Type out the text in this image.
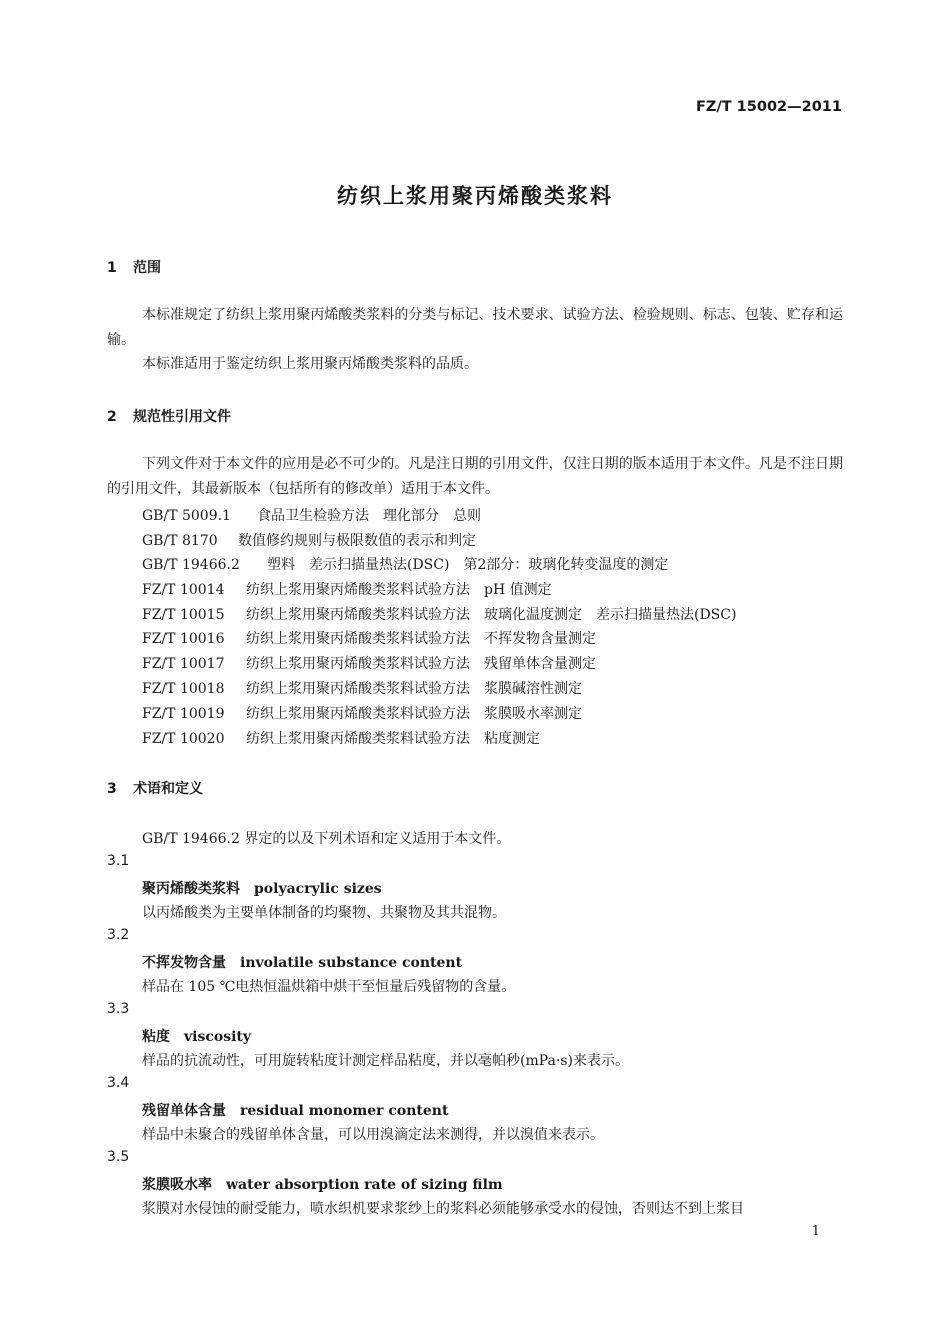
FZ/T 15002—2011
纺织上浆用聚丙烯酸类浆料
1 范围
本标准规定了纺织上浆用聚丙烯酸类浆料的分类与标记、技术要求、试验方法、检验规则、标志、包装、贮存和运输。
本标准适用于鉴定纺织上浆用聚丙烯酸类浆料的品质。
2 规范性引用文件
下列文件对于本文件的应用是必不可少的。凡是注日期的引用文件，仅注日期的版本适用于本文件。凡是不注日期的引用文件，其最新版本（包括所有的修改单）适用于本文件。
GB/T 5009.1 食品卫生检验方法　理化部分　总则
GB/T 8170 数值修约规则与极限数值的表示和判定
GB/T 19466.2 塑料　差示扫描量热法(DSC)　第2部分：玻璃化转变温度的测定
FZ/T 10014 纺织上浆用聚丙烯酸类浆料试验方法　pH 值测定
FZ/T 10015 纺织上浆用聚丙烯酸类浆料试验方法　玻璃化温度测定　差示扫描量热法(DSC)
FZ/T 10016 纺织上浆用聚丙烯酸类浆料试验方法　不挥发物含量测定
FZ/T 10017 纺织上浆用聚丙烯酸类浆料试验方法　残留单体含量测定
FZ/T 10018 纺织上浆用聚丙烯酸类浆料试验方法　浆膜碱溶性测定
FZ/T 10019 纺织上浆用聚丙烯酸类浆料试验方法　浆膜吸水率测定
FZ/T 10020 纺织上浆用聚丙烯酸类浆料试验方法　粘度测定
3 术语和定义
GB/T 19466.2 界定的以及下列术语和定义适用于本文件。
3.1
聚丙烯酸类浆料 polyacrylic sizes
以丙烯酸类为主要单体制备的均聚物、共聚物及其共混物。
3.2
不挥发物含量 involatile substance content
样品在 105 ℃电热恒温烘箱中烘干至恒量后残留物的含量。
3.3
粘度 viscosity
样品的抗流动性，可用旋转粘度计测定样品粘度，并以毫帕秒(mPa·s)来表示。
3.4
残留单体含量 residual monomer content
样品中未聚合的残留单体含量，可以用溴滴定法来测得，并以溴值来表示。
3.5
浆膜吸水率 water absorption rate of sizing film
浆膜对水侵蚀的耐受能力，喷水织机要求浆纱上的浆料必须能够承受水的侵蚀，否则达不到上浆目
1
